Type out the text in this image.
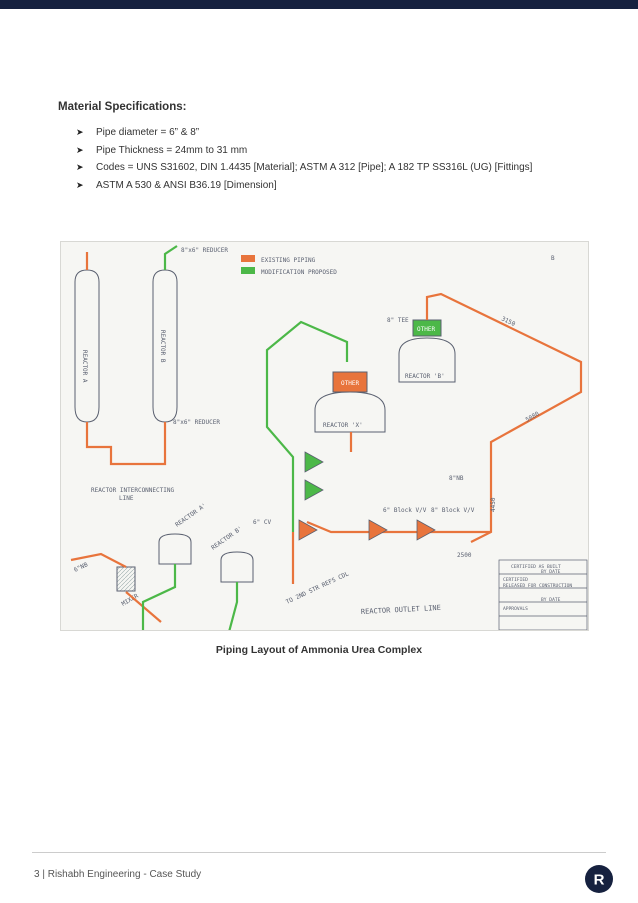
Material Specifications:
➤	Pipe diameter = 6” & 8”
➤	Pipe Thickness = 24mm to 31 mm
➤	Codes = UNS S31602, DIN 1.4435 [Material]; ASTM A 312 [Pipe]; A 182 TP SS316L (UG) [Fittings]
➤	ASTM A 530 & ANSI B36.19 [Dimension]
EXISTING PIPING
MODIFICATION PROPOSED
REACTOR A
REACTOR B
8"x6" REDUCER
8"x6" REDUCER
REACTOR INTERCONNECTING
LINE
OTHER
REACTOR 'X'
OTHER
REACTOR 'B'
8" TEE	3150
5080
4450
2500
8"NB
B
6" Block V/V 8" Block V/V
6" CV
TO 2ND STR REFS CDL
REACTOR A'
REACTOR B'
MIXER
6"NB
REACTOR OUTLET LINE
CERTIFIED AS BUILT
BY DATE
CERTIFIED
RELEASED FOR CONSTRUCTION
BY DATE
APPROVALS
Piping Layout of Ammonia Urea Complex
3 | Rishabh Engineering - Case Study	R
